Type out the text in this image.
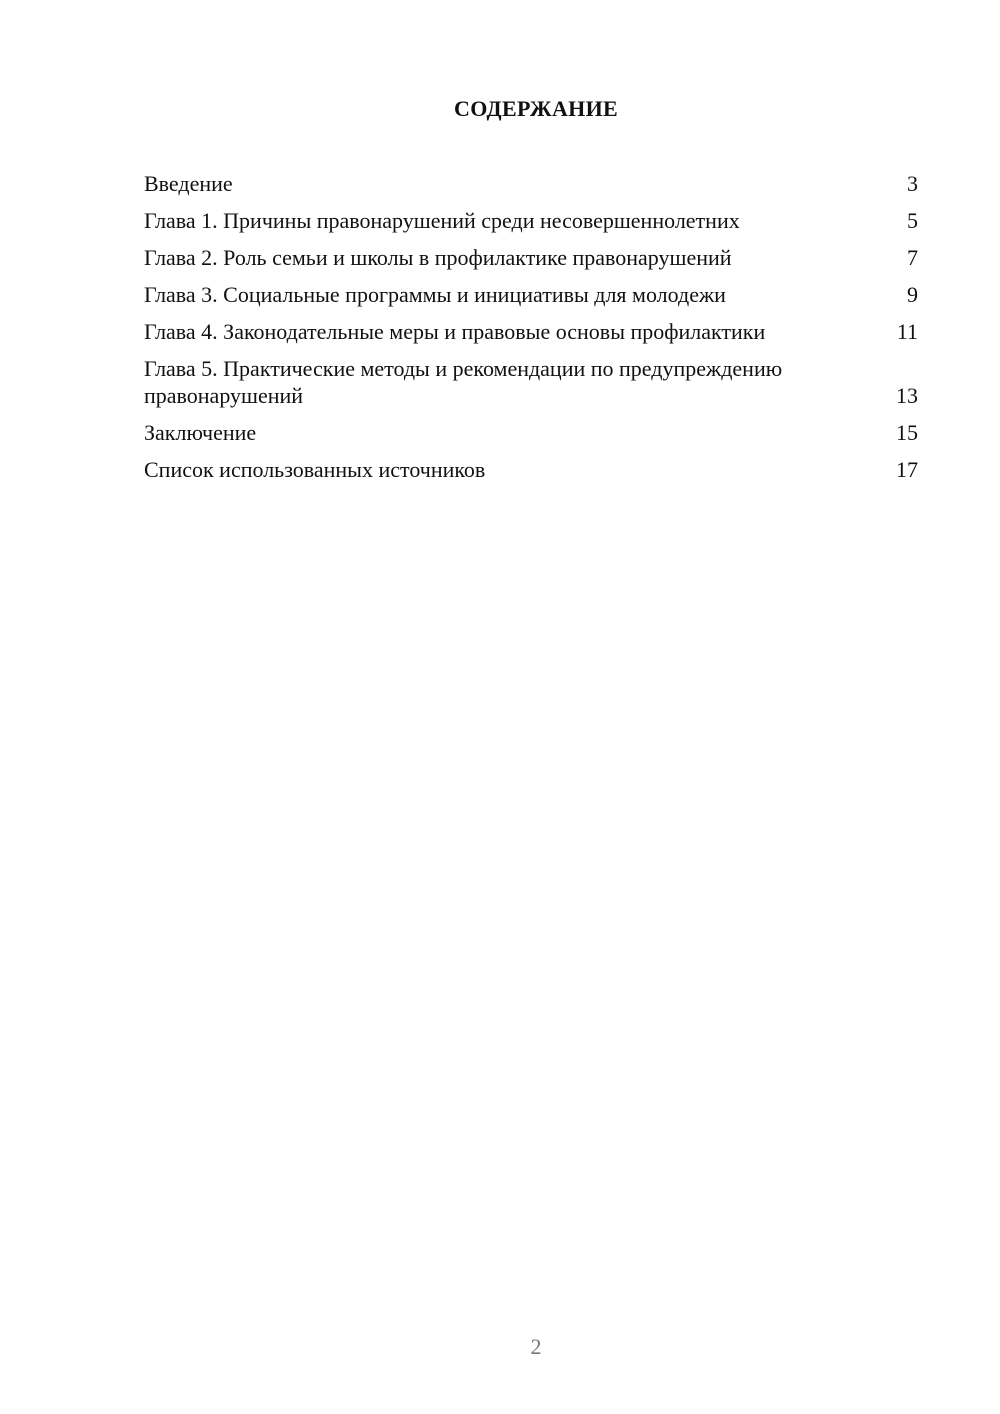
СОДЕРЖАНИЕ
Введение	3
Глава 1. Причины правонарушений среди несовершеннолетних	5
Глава 2. Роль семьи и школы в профилактике правонарушений	7
Глава 3. Социальные программы и инициативы для молодежи	9
Глава 4. Законодательные меры и правовые основы профилактики	11
Глава 5. Практические методы и рекомендации по предупреждению правонарушений	13
Заключение	15
Список использованных источников	17
2
